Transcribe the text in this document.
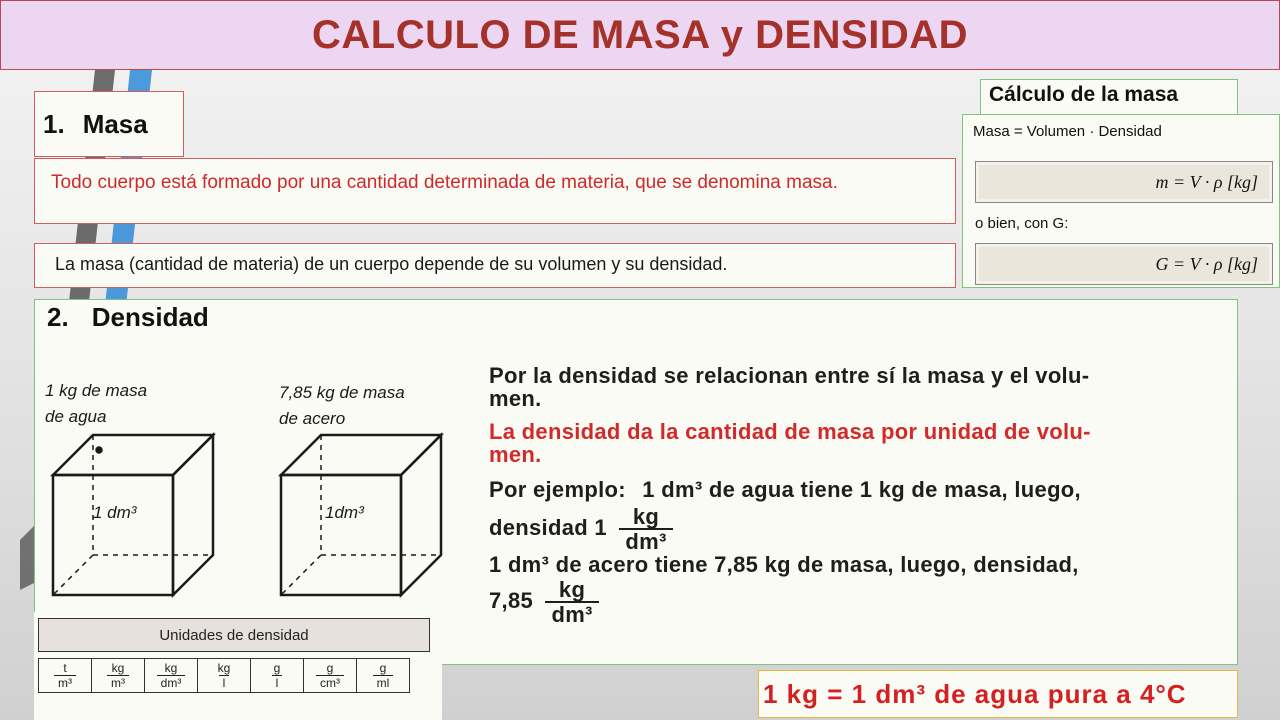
CALCULO DE MASA y DENSIDAD
1. Masa
Todo cuerpo está formado por una cantidad determinada de materia, que se denomina masa.
La masa (cantidad de materia) de un cuerpo depende de su volumen y su densidad.
Cálculo de la masa
Masa = Volumen · Densidad
m = V · ρ [kg]
o bien, con G:
G = V · ρ [kg]
2. Densidad
1 kg de masa
de agua
7,85 kg de masa
de acero
1 dm³	1dm³
Por la densidad se relacionan entre sí la masa y el volu-
men.
La densidad da la cantidad de masa por unidad de volu-
men.
Por ejemplo: 1 dm³ de agua tiene 1 kg de masa, luego,
densidad $1 \frac{kg}{\text{dm³}}$
1 dm³ de acero tiene 7,85 kg de masa, luego, densidad,
$7,85 \frac{kg}{\text{dm³}}$
Unidades de densidad
$\frac{t}{\text{m³}}$	$\frac{kg}{\text{m³}}$	$\frac{kg}{\text{dm³}}$	$\frac{kg}{l}$	$\frac{g}{l}$	$\frac{g}{\text{cm³}}$	$\frac{g}{ml}$
1 kg = 1 dm³ de agua pura a 4°C
